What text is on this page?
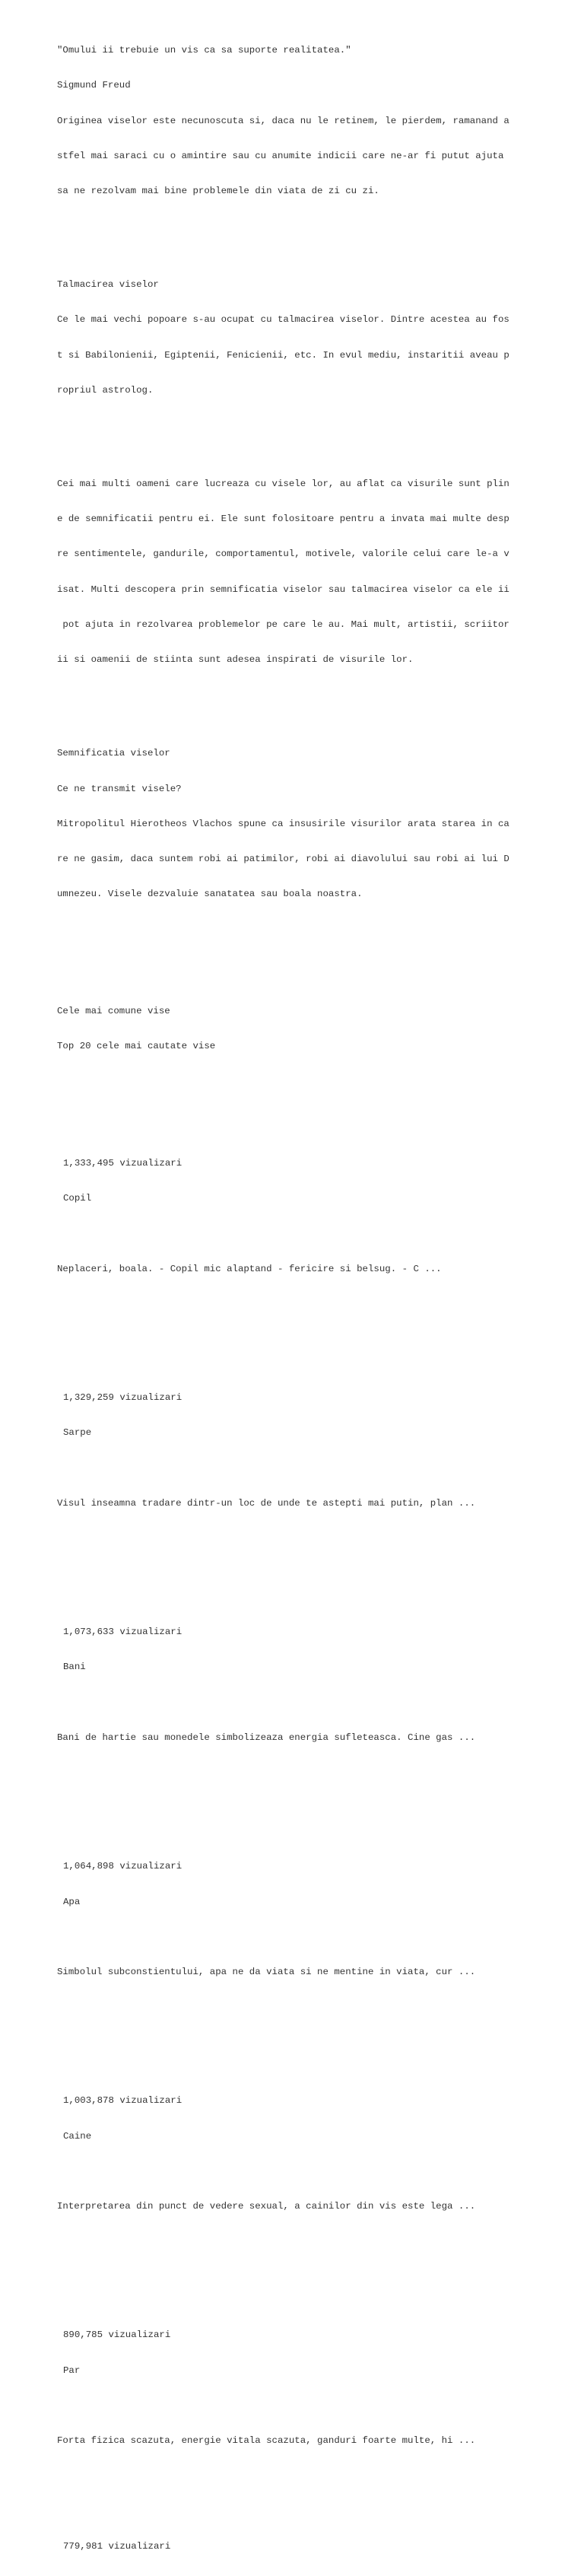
"Omului ii trebuie un vis ca sa suporte realitatea."

Sigmund Freud

Originea viselor este necunoscuta si, daca nu le retinem, le pierdem, ramanand a

stfel mai saraci cu o amintire sau cu anumite indicii care ne-ar fi putut ajuta

sa ne rezolvam mai bine problemele din viata de zi cu zi.

Talmacirea viselor

Ce le mai vechi popoare s-au ocupat cu talmacirea viselor. Dintre acestea au fos

t si Babilonienii, Egiptenii, Fenicienii, etc. In evul mediu, instaritii aveau p

ropriul astrolog.

Cei mai multi oameni care lucreaza cu visele lor, au aflat ca visurile sunt plin

e de semnificatii pentru ei. Ele sunt folositoare pentru a invata mai multe desp

re sentimentele, gandurile, comportamentul, motivele, valorile celui care le-a v

isat. Multi descopera prin semnificatia viselor sau talmacirea viselor ca ele ii

pot ajuta in rezolvarea problemelor pe care le au. Mai mult, artistii, scriitor

ii si oamenii de stiinta sunt adesea inspirati de visurile lor.

Semnificatia viselor

Ce ne transmit visele?

Mitropolitul Hierotheos Vlachos spune ca insusirile visurilor arata starea in ca

re ne gasim, daca suntem robi ai patimilor, robi ai diavolului sau robi ai lui D

umnezeu. Visele dezvaluie sanatatea sau boala noastra.

Cele mai comune vise

Top 20 cele mai cautate vise

1,333,495 vizualizari

Copil

Neplaceri, boala. - Copil mic alaptand - fericire si belsug. - C ...

1,329,259 vizualizari

Sarpe

Visul inseamna tradare dintr-un loc de unde te astepti mai putin, plan ...

1,073,633 vizualizari

Bani

Bani de hartie sau monedele simbolizeaza energia sufleteasca. Cine gas ...

1,064,898 vizualizari

Apa

Simbolul subconstientului, apa ne da viata si ne mentine in viata, cur ...

1,003,878 vizualizari

Caine

Interpretarea din punct de vedere sexual, a cainilor din vis este lega ...

890,785 vizualizari

Par

Forta fizica scazuta, energie vitala scazuta, ganduri foarte multe, hi ...

779,981 vizualizari
